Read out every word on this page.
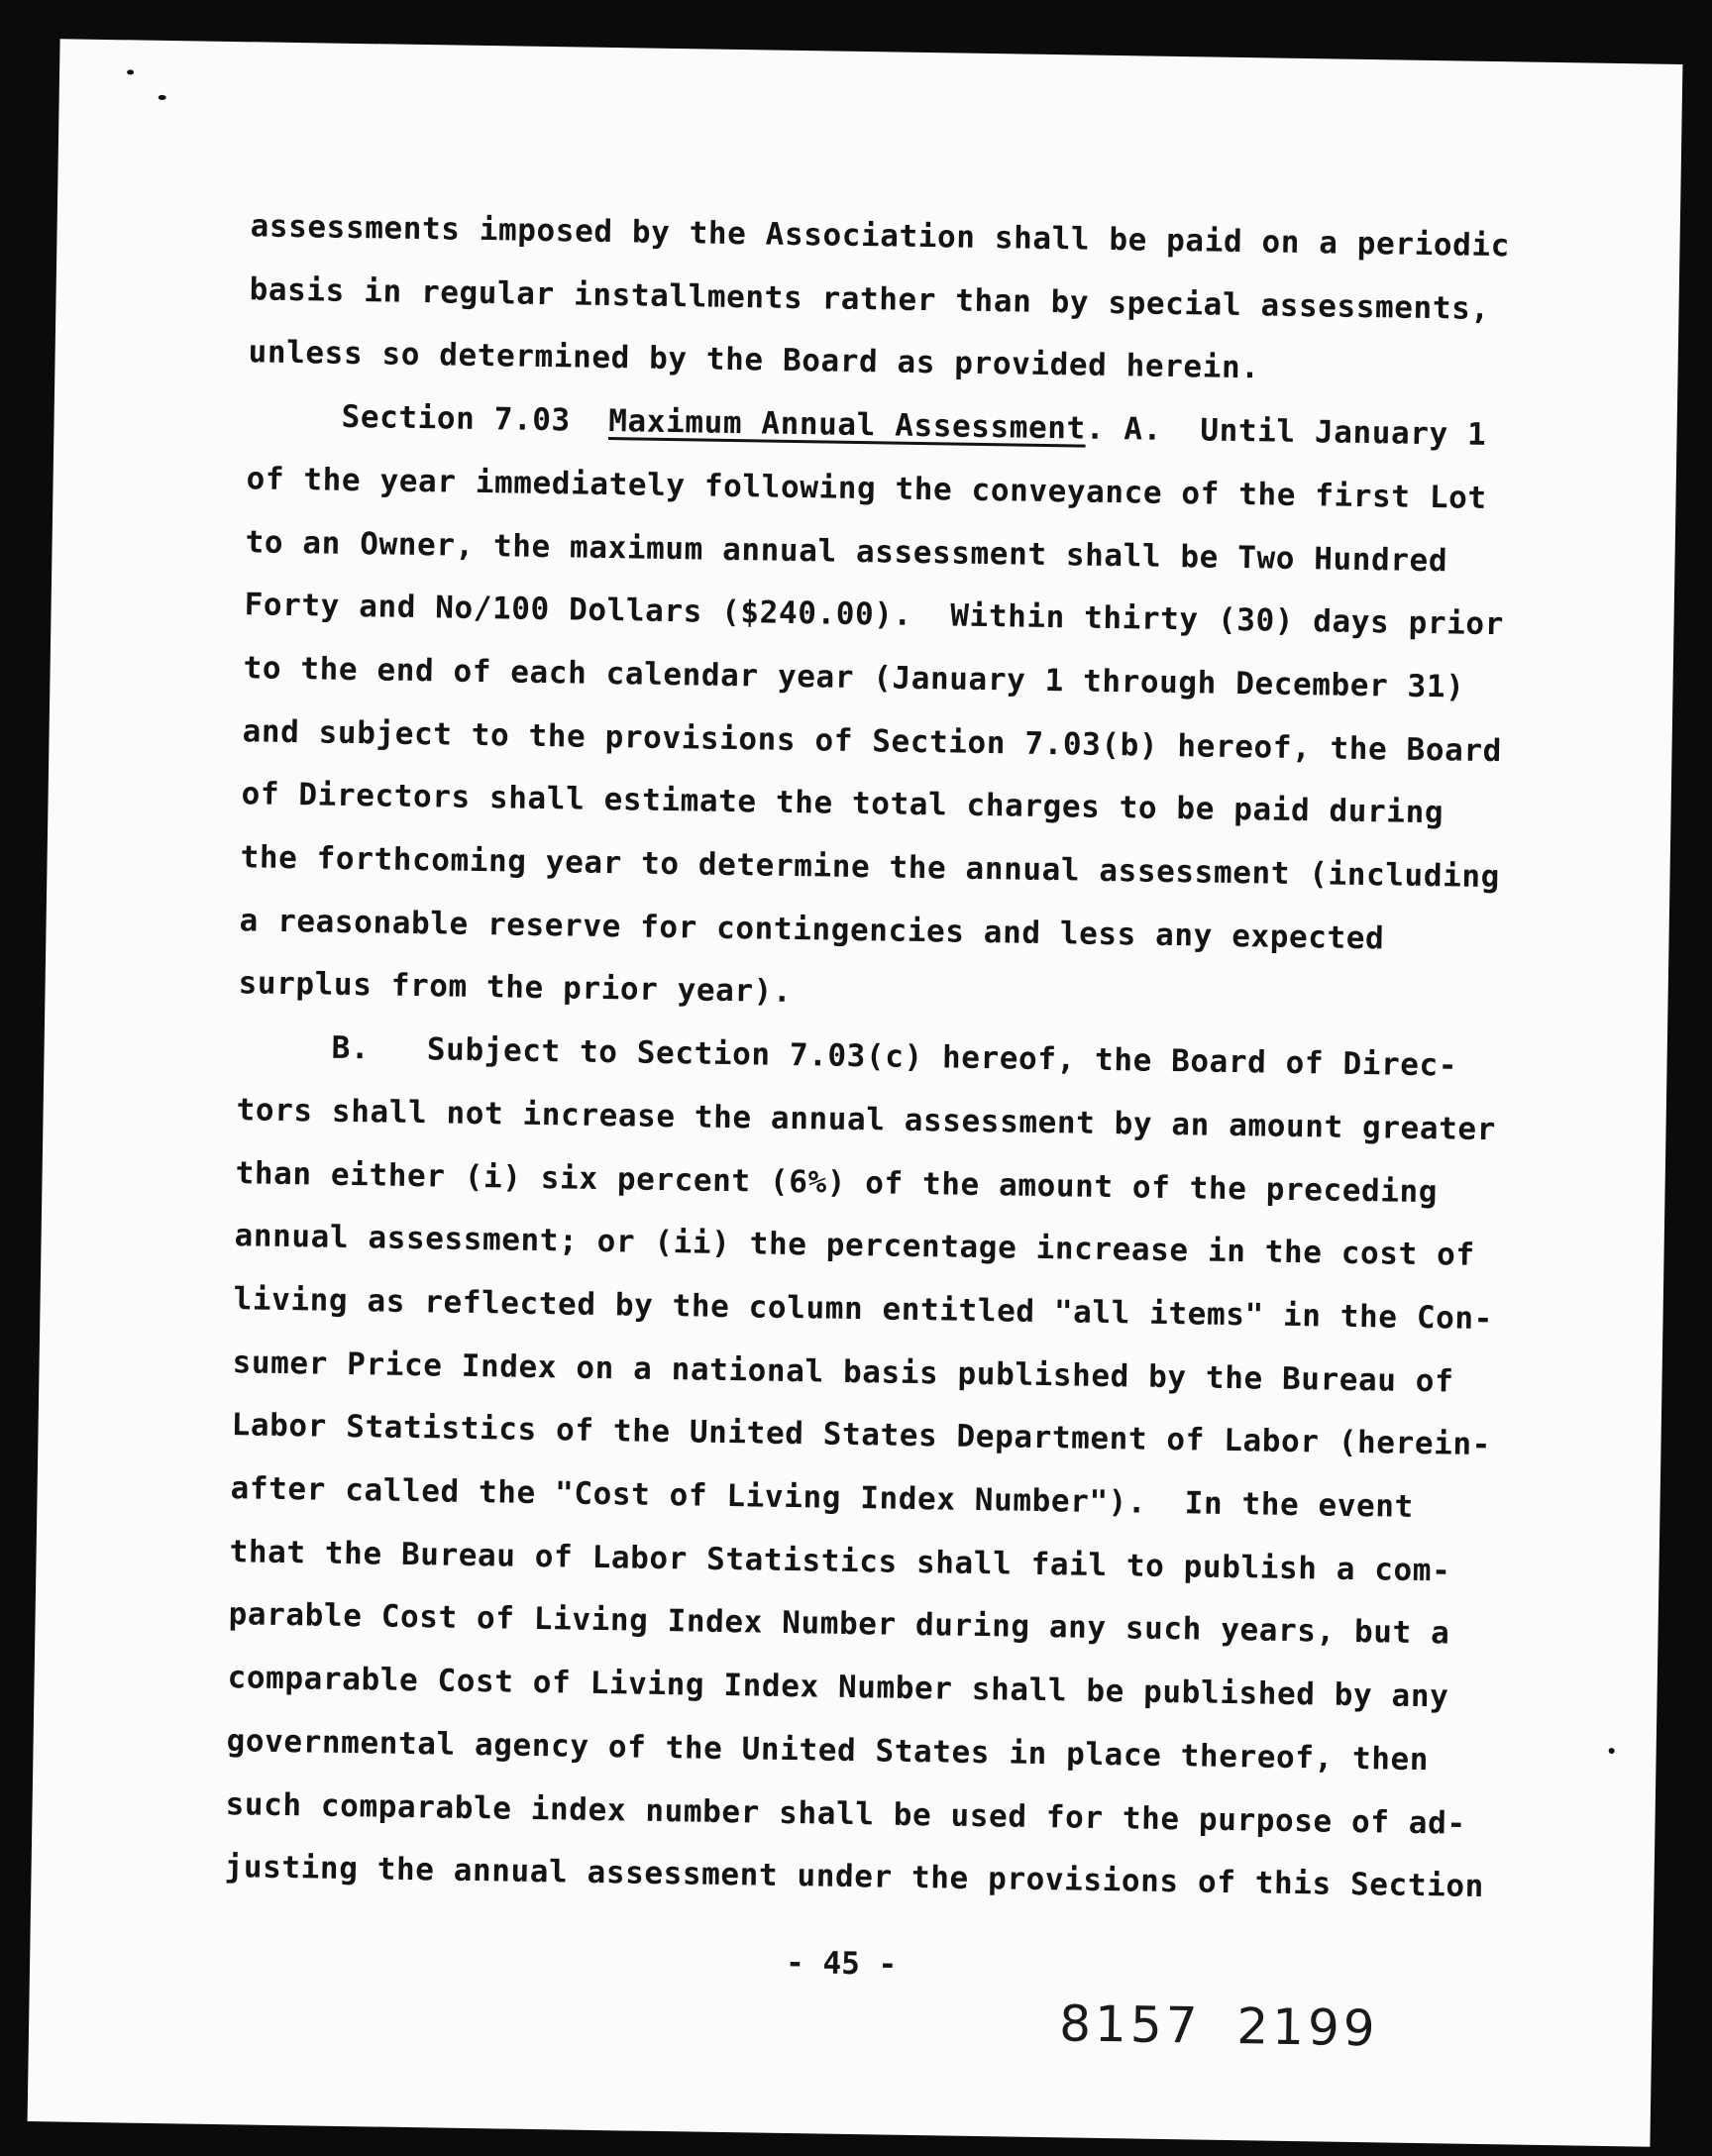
assessments imposed by the Association shall be paid on a periodic
basis in regular installments rather than by special assessments,
unless so determined by the Board as provided herein.
Section 7.03 Maximum Annual Assessment. A.  Until January 1
of the year immediately following the conveyance of the first Lot
to an Owner, the maximum annual assessment shall be Two Hundred
Forty and No/100 Dollars ($240.00).  Within thirty (30) days prior
to the end of each calendar year (January 1 through December 31)
and subject to the provisions of Section 7.03(b) hereof, the Board
of Directors shall estimate the total charges to be paid during
the forthcoming year to determine the annual assessment (including
a reasonable reserve for contingencies and less any expected
surplus from the prior year).
B.   Subject to Section 7.03(c) hereof, the Board of Direc-
tors shall not increase the annual assessment by an amount greater
than either (i) six percent (6%) of the amount of the preceding
annual assessment; or (ii) the percentage increase in the cost of
living as reflected by the column entitled "all items" in the Con-
sumer Price Index on a national basis published by the Bureau of
Labor Statistics of the United States Department of Labor (herein-
after called the "Cost of Living Index Number").  In the event
that the Bureau of Labor Statistics shall fail to publish a com-
parable Cost of Living Index Number during any such years, but a
comparable Cost of Living Index Number shall be published by any
governmental agency of the United States in place thereof, then
such comparable index number shall be used for the purpose of ad-
justing the annual assessment under the provisions of this Section
- 45 -
8157 2199
